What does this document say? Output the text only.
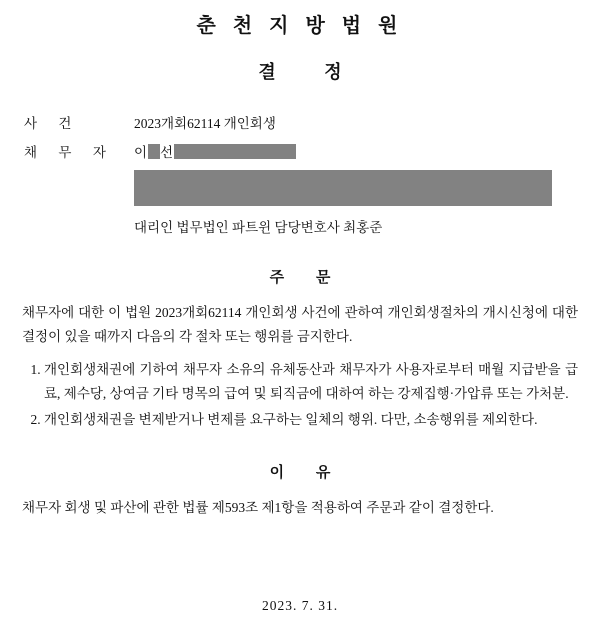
춘 천 지 방 법 원
결 정
사 건	2023개회62114 개인회생
채 무 자	이 선
대리인 법무법인 파트윈 담당변호사 최홍준
주 문

채무자에 대한 이 법원 2023개회62114 개인회생 사건에 관하여 개인회생절차의 개시신청에 대한 결정이 있을 때까지 다음의 각 절차 또는 행위를 금지한다.

1. 개인회생채권에 기하여 채무자 소유의 유체동산과 채무자가 사용자로부터 매월 지급받을 급료, 제수당, 상여금 기타 명목의 급여 및 퇴직금에 대하여 하는 강제집행·가압류 또는 가처분.
2. 개인회생채권을 변제받거나 변제를 요구하는 일체의 행위. 다만, 소송행위를 제외한다.
이 유

채무자 회생 및 파산에 관한 법률 제593조 제1항을 적용하여 주문과 같이 결정한다.

2023. 7. 31.
